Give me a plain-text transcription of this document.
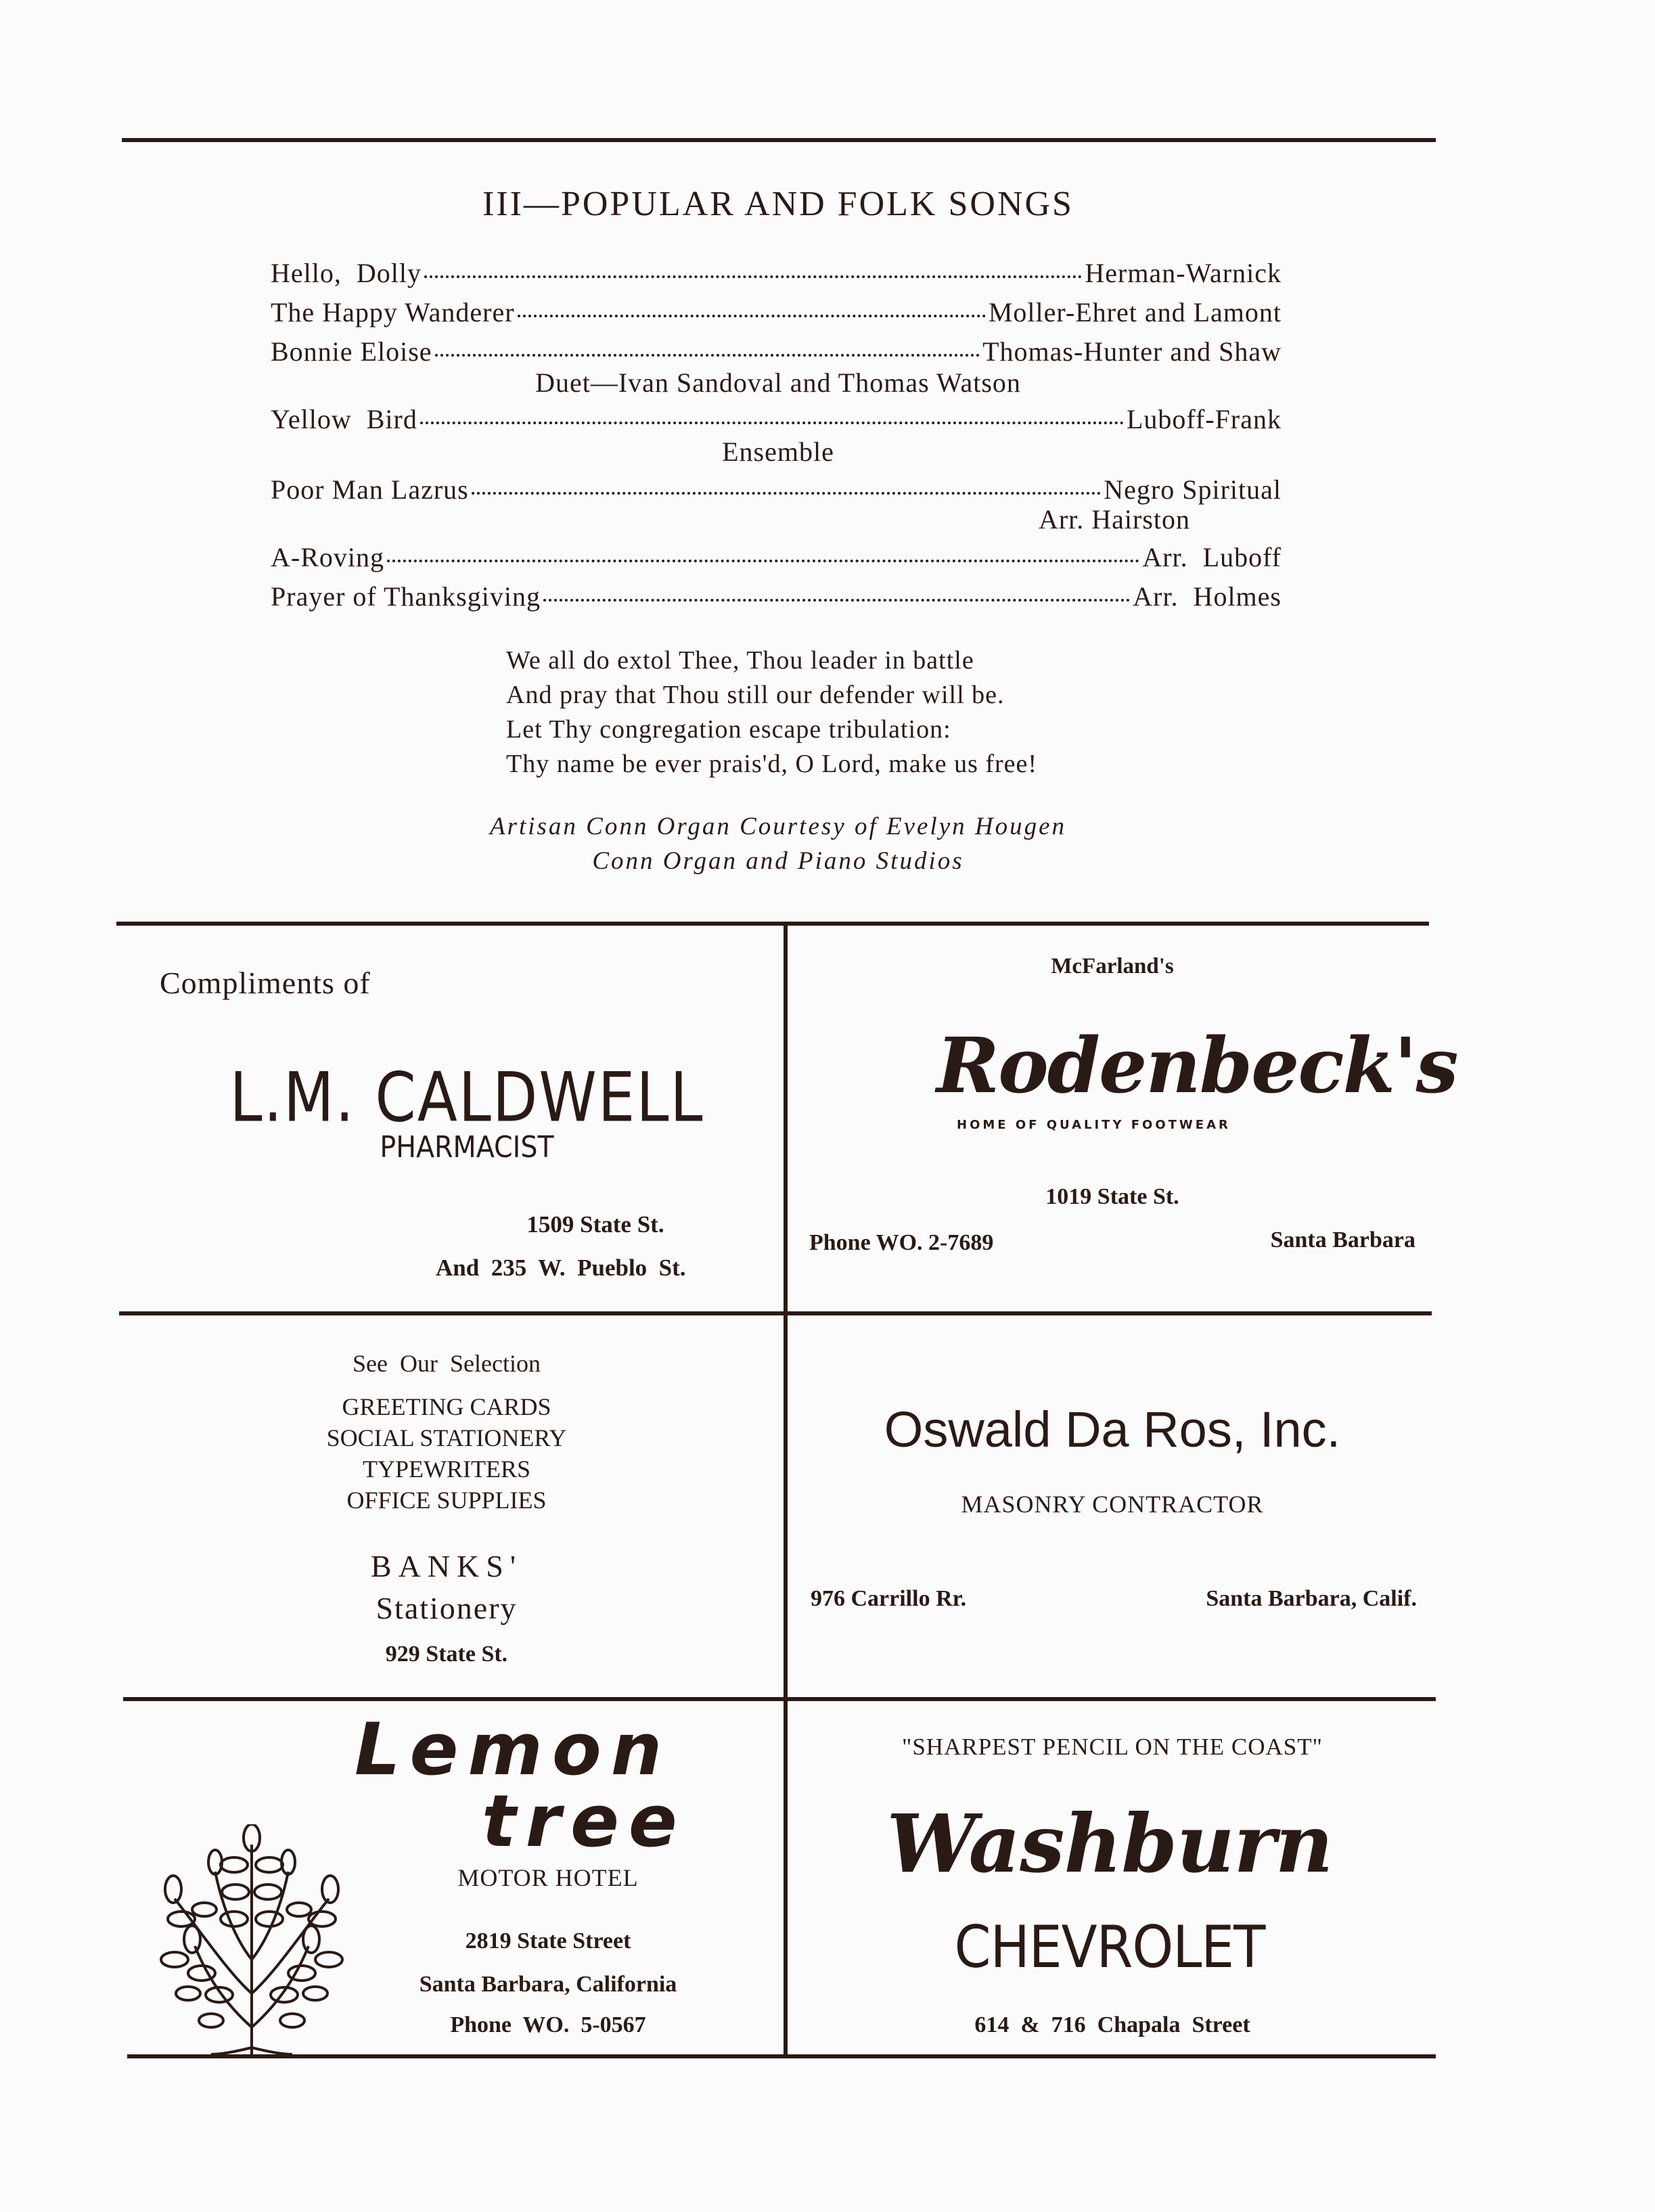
III—POPULAR AND FOLK SONGS
Hello,  Dolly	Herman-Warnick
The Happy Wanderer	Moller-Ehret and Lamont
Bonnie Eloise	Thomas-Hunter and Shaw
Duet—Ivan Sandoval and Thomas Watson
Yellow  Bird	Luboff-Frank
Ensemble
Poor Man Lazrus	Negro Spiritual
Arr. Hairston
A-Roving	Arr.  Luboff
Prayer of Thanksgiving	Arr.  Holmes
We all do extol Thee, Thou leader in battle
And pray that Thou still our defender will be.
Let Thy congregation escape tribulation:
Thy name be ever prais'd, O Lord, make us free!
Artisan Conn Organ Courtesy of Evelyn Hougen
Conn Organ and Piano Studios
Compliments of
L.M. CALDWELL
PHARMACIST
1509 State St.
And  235  W.  Pueblo  St.
McFarland's
Rodenbeck's
HOME OF QUALITY FOOTWEAR
1019 State St.
Phone WO. 2-7689	Santa Barbara
See  Our  Selection
GREETING CARDS
SOCIAL STATIONERY
TYPEWRITERS
OFFICE SUPPLIES
BANKS'
Stationery
929 State St.
Oswald Da Ros, Inc.
MASONRY CONTRACTOR
976 Carrillo Rr.	Santa Barbara, Calif.
Lemon
tree
MOTOR HOTEL
2819 State Street
Santa Barbara, California
Phone  WO.  5-0567
"SHARPEST PENCIL ON THE COAST"
Washburn
CHEVROLET
614  &  716  Chapala  Street
